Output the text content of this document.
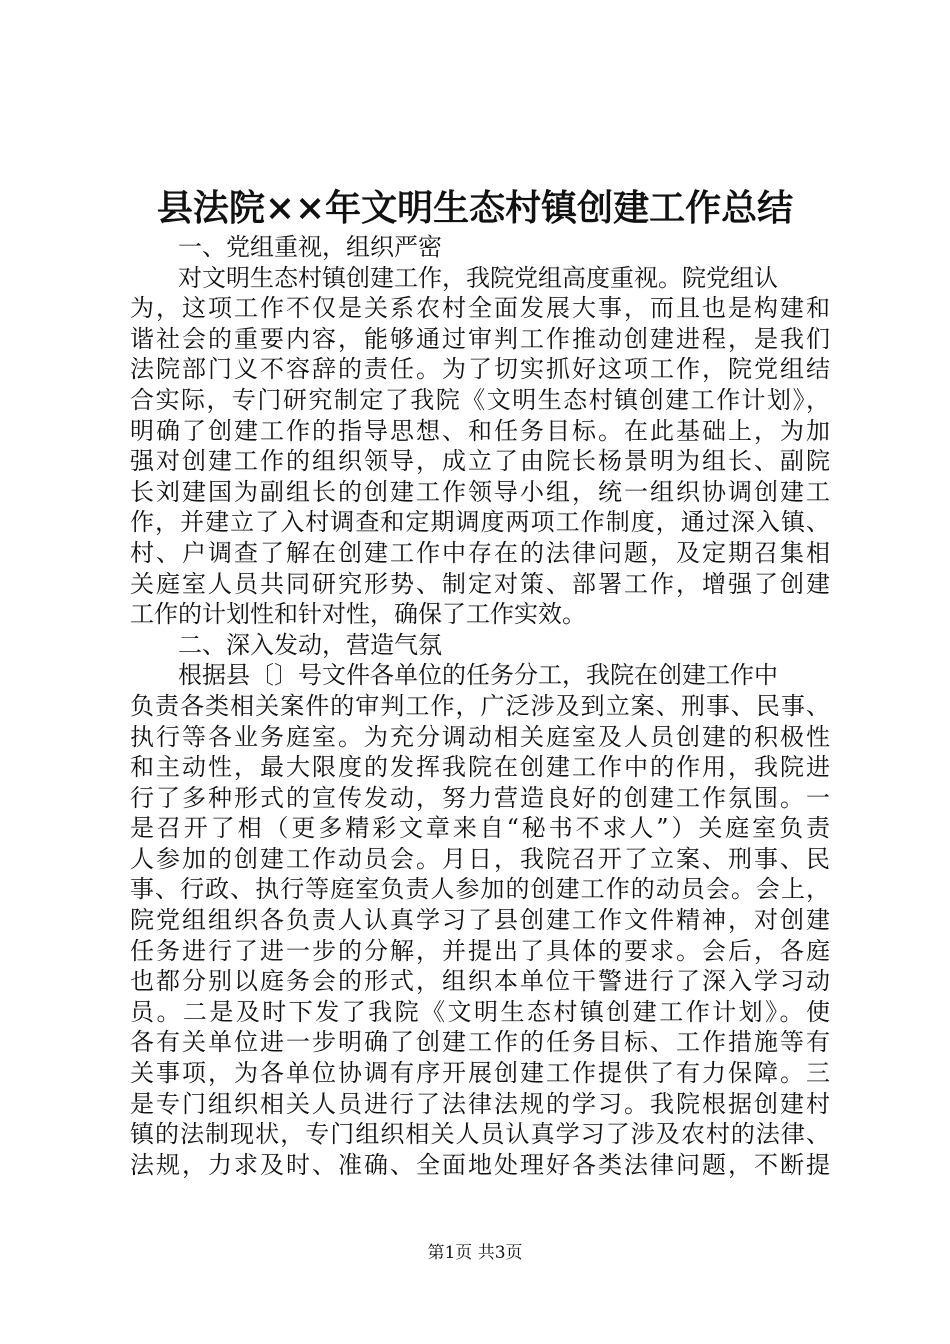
县法院××年文明生态村镇创建工作总结
一、党组重视，组织严密
对文明生态村镇创建工作，我院党组高度重视。院党组认
为，这项工作不仅是关系农村全面发展大事，而且也是构建和
谐社会的重要内容，能够通过审判工作推动创建进程，是我们
法院部门义不容辞的责任。为了切实抓好这项工作，院党组结
合实际，专门研究制定了我院《文明生态村镇创建工作计划》，
明确了创建工作的指导思想、和任务目标。在此基础上，为加
强对创建工作的组织领导，成立了由院长杨景明为组长、副院
长刘建国为副组长的创建工作领导小组，统一组织协调创建工
作，并建立了入村调查和定期调度两项工作制度，通过深入镇、
村、户调查了解在创建工作中存在的法律问题，及定期召集相
关庭室人员共同研究形势、制定对策、部署工作，增强了创建
工作的计划性和针对性，确保了工作实效。
二、深入发动，营造气氛
根据县〔〕号文件各单位的任务分工，我院在创建工作中
负责各类相关案件的审判工作，广泛涉及到立案、刑事、民事、
执行等各业务庭室。为充分调动相关庭室及人员创建的积极性
和主动性，最大限度的发挥我院在创建工作中的作用，我院进
行了多种形式的宣传发动，努力营造良好的创建工作氛围。一
是召开了相（更多精彩文章来自“秘书不求人”）关庭室负责
人参加的创建工作动员会。月日，我院召开了立案、刑事、民
事、行政、执行等庭室负责人参加的创建工作的动员会。会上，
院党组组织各负责人认真学习了县创建工作文件精神，对创建
任务进行了进一步的分解，并提出了具体的要求。会后，各庭
也都分别以庭务会的形式，组织本单位干警进行了深入学习动
员。二是及时下发了我院《文明生态村镇创建工作计划》。使
各有关单位进一步明确了创建工作的任务目标、工作措施等有
关事项，为各单位协调有序开展创建工作提供了有力保障。三
是专门组织相关人员进行了法律法规的学习。我院根据创建村
镇的法制现状，专门组织相关人员认真学习了涉及农村的法律、
法规，力求及时、准确、全面地处理好各类法律问题，不断提
第1页 共3页
